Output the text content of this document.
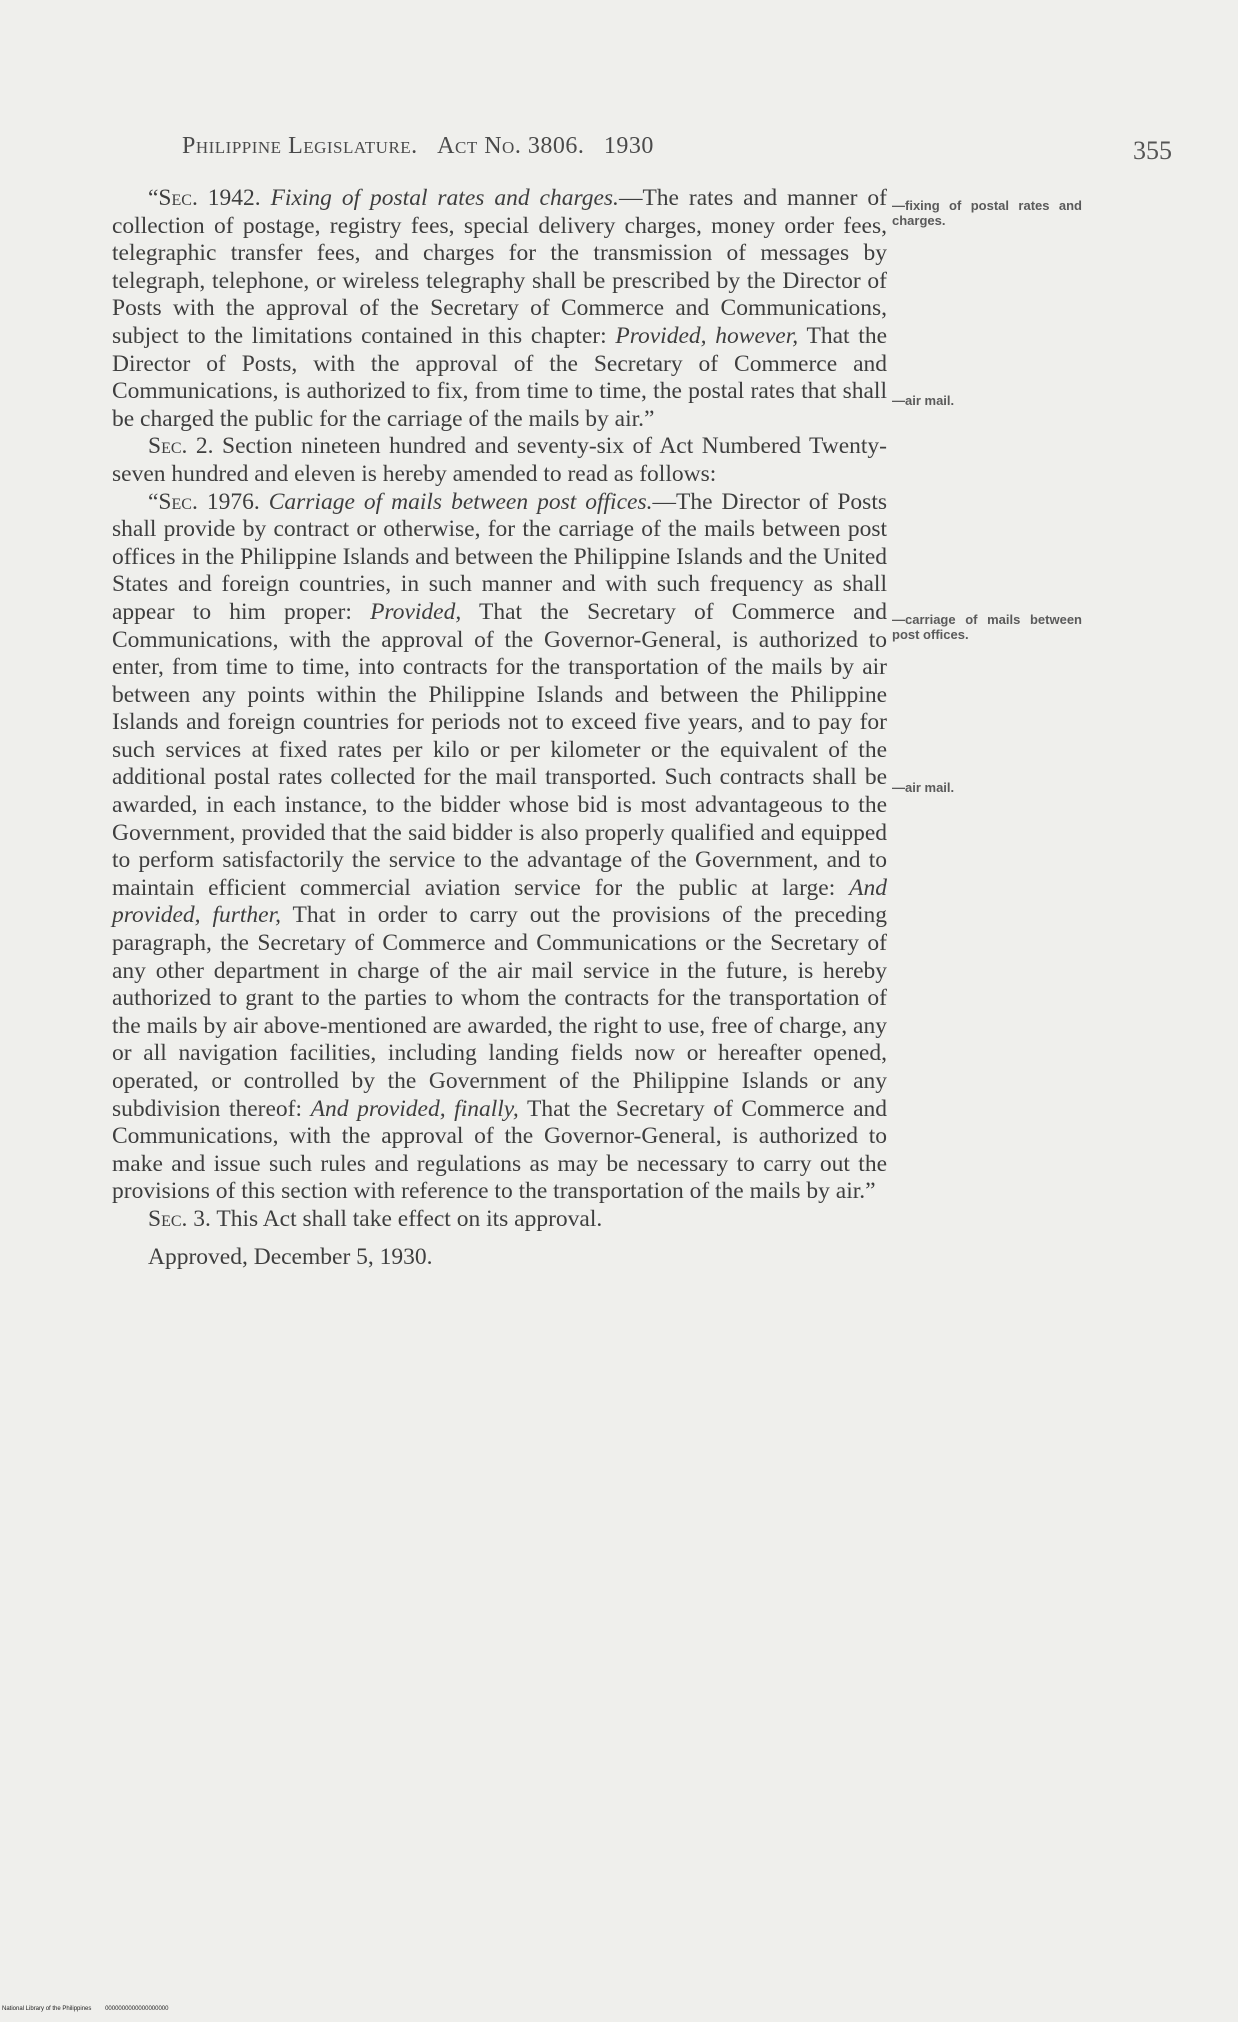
Philippine Legislature. Act No. 3806. 1930	355

“Sec. 1942. Fixing of postal rates and charges.—The rates and manner of collection of postage, registry fees, special delivery charges, money order fees, telegraphic transfer fees, and charges for the transmission of messages by telegraph, telephone, or wireless telegraphy shall be prescribed by the Director of Posts with the approval of the Secretary of Commerce and Communications, subject to the limitations contained in this chapter: Provided, however, That the Director of Posts, with the approval of the Secretary of Commerce and Communications, is authorized to fix, from time to time, the postal rates that shall be charged the public for the carriage of the mails by air.”

Sec. 2. Section nineteen hundred and seventy-six of Act Numbered Twenty-seven hundred and eleven is hereby amended to read as follows:

“Sec. 1976. Carriage of mails between post offices.—The Director of Posts shall provide by contract or otherwise, for the carriage of the mails between post offices in the Philippine Islands and between the Philippine Islands and the United States and foreign countries, in such manner and with such frequency as shall appear to him proper: Provided, That the Secretary of Commerce and Communications, with the approval of the Governor-General, is authorized to enter, from time to time, into contracts for the transportation of the mails by air between any points within the Philippine Islands and between the Philippine Islands and foreign countries for periods not to exceed five years, and to pay for such services at fixed rates per kilo or per kilometer or the equivalent of the additional postal rates collected for the mail transported. Such contracts shall be awarded, in each instance, to the bidder whose bid is most advantageous to the Government, provided that the said bidder is also properly qualified and equipped to perform satisfactorily the service to the advantage of the Government, and to maintain efficient commercial aviation service for the public at large: And provided, further, That in order to carry out the provisions of the preceding paragraph, the Secretary of Commerce and Communications or the Secretary of any other department in charge of the air mail service in the future, is hereby authorized to grant to the parties to whom the contracts for the transportation of the mails by air above-mentioned are awarded, the right to use, free of charge, any or all navigation facilities, including landing fields now or hereafter opened, operated, or controlled by the Government of the Philippine Islands or any subdivision thereof: And provided, finally, That the Secretary of Commerce and Communications, with the approval of the Governor-General, is authorized to make and issue such rules and regulations as may be necessary to carry out the provisions of this section with reference to the transportation of the mails by air.”

Sec. 3. This Act shall take effect on its approval.

Approved, December 5, 1930.

—fixing of postal rates and charges.
—air mail.
—carriage of mails between post offices.
—air mail.
National Library of the Philippines 0000000000000000000
